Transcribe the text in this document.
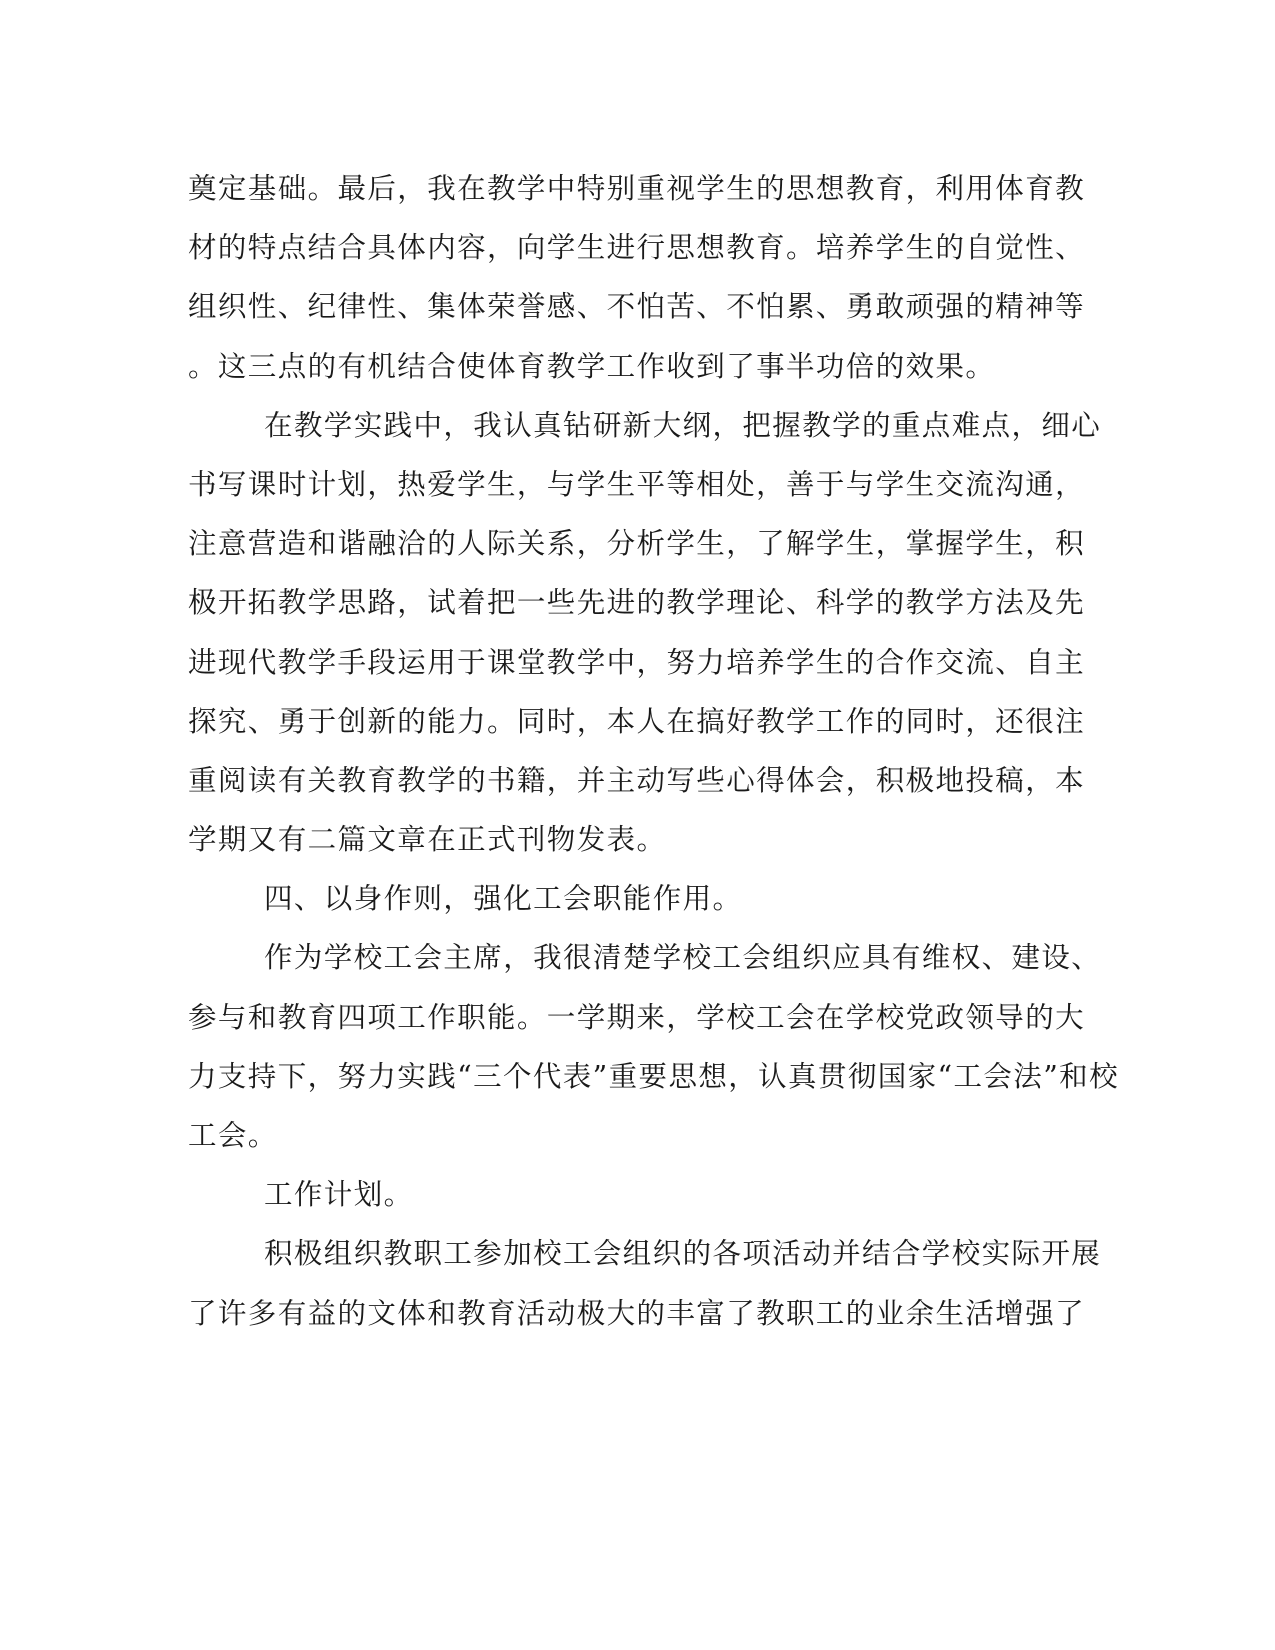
奠定基础。最后，我在教学中特别重视学生的思想教育，利用体育教
材的特点结合具体内容，向学生进行思想教育。培养学生的自觉性、
组织性、纪律性、集体荣誉感、不怕苦、不怕累、勇敢顽强的精神等
。这三点的有机结合使体育教学工作收到了事半功倍的效果。
在教学实践中，我认真钻研新大纲，把握教学的重点难点，细心
书写课时计划，热爱学生，与学生平等相处，善于与学生交流沟通，
注意营造和谐融洽的人际关系，分析学生，了解学生，掌握学生，积
极开拓教学思路，试着把一些先进的教学理论、科学的教学方法及先
进现代教学手段运用于课堂教学中，努力培养学生的合作交流、自主
探究、勇于创新的能力。同时，本人在搞好教学工作的同时，还很注
重阅读有关教育教学的书籍，并主动写些心得体会，积极地投稿，本
学期又有二篇文章在正式刊物发表。
四、以身作则，强化工会职能作用。
作为学校工会主席，我很清楚学校工会组织应具有维权、建设、
参与和教育四项工作职能。一学期来，学校工会在学校党政领导的大
力支持下，努力实践“三个代表”重要思想，认真贯彻国家“工会法”和校
工会。
工作计划。
积极组织教职工参加校工会组织的各项活动并结合学校实际开展
了许多有益的文体和教育活动极大的丰富了教职工的业余生活增强了
